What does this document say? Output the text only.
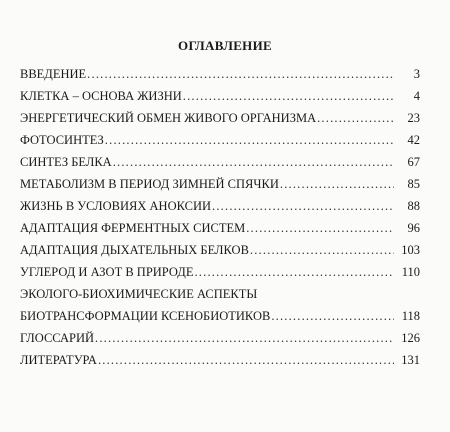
ОГЛАВЛЕНИЕ
ВВЕДЕНИЕ .....	3
КЛЕТКА – ОСНОВА ЖИЗНИ .....	4
ЭНЕРГЕТИЧЕСКИЙ ОБМЕН ЖИВОГО ОРГАНИЗМА .....	23
ФОТОСИНТЕЗ .....	42
СИНТЕЗ БЕЛКА .....	67
МЕТАБОЛИЗМ В ПЕРИОД ЗИМНЕЙ СПЯЧКИ .....	85
ЖИЗНЬ В УСЛОВИЯХ АНОКСИИ .....	88
АДАПТАЦИЯ ФЕРМЕНТНЫХ СИСТЕМ .....	96
АДАПТАЦИЯ ДЫХАТЕЛЬНЫХ БЕЛКОВ .....	103
УГЛЕРОД И АЗОТ В ПРИРОДЕ .....	110
ЭКОЛОГО-БИОХИМИЧЕСКИЕ АСПЕКТЫ
БИОТРАНСФОРМАЦИИ КСЕНОБИОТИКОВ .....	118
ГЛОССАРИЙ .....	126
ЛИТЕРАТУРА .....	131
